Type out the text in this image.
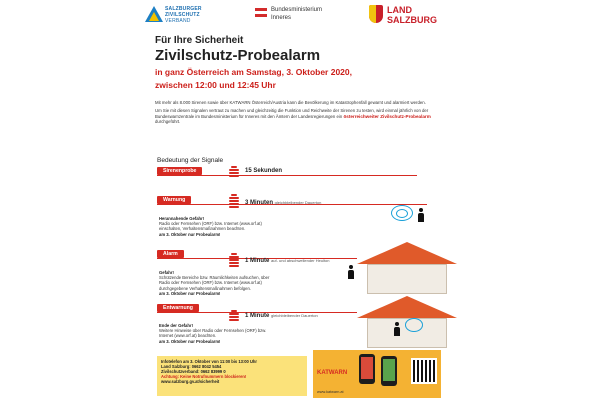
SALZBURGER
ZIVILSCHUTZ
VERBAND
Bundesministerium
Inneres
LAND
SALZBURG
Für Ihre Sicherheit
Zivilschutz-Probealarm
in ganz Österreich am Samstag, 3. Oktober 2020,
zwischen 12:00 und 12:45 Uhr

Mit mehr als 8.000 Sirenen sowie über KATWARN Österreich/Austria kann die Bevölkerung im Katastrophenfall gewarnt und alarmiert werden.

Um Sie mit diesen Signalen vertraut zu machen und gleichzeitig die Funktion und Reichweite der Sirenen zu testen, wird einmal jährlich von der Bundeswarnzentrale im Bundesministerium für Inneres mit den Ämtern der Landesregierungen ein österreichweiter Zivilschutz-Probealarm durchgeführt.

Bedeutung der Signale
Sirenenprobe	15 Sekunden
Warnung	3 Minuten gleichbleibender Dauerton
Herannahende Gefahr!
Radio oder Fernsehen (ORF) bzw. Internet (www.orf.at) einschalten, Verhaltensmaßnahmen beachten.
am 3. Oktober nur Probealarm!
Alarm
1 Minute auf- und abschwellender Heulton
Gefahr!
Schützende Bereiche bzw. Räumlichkeiten aufsuchen, über Radio oder Fernsehen (ORF) bzw. Internet (www.orf.at) durchgegebene Verhaltensmaßnahmen befolgen.
am 3. Oktober nur Probealarm!
Entwarnung
1 Minute gleichbleibender Dauerton
Ende der Gefahr!
Weitere Hinweise über Radio oder Fernsehen (ORF) bzw. Internet (www.orf.at) beachten.
am 3. Oktober nur Probealarm!
Infotelefon am 3. Oktober von 11:00 bis 13:00 Uhr
Land Salzburg: 0662 8042 5454
Zivilschutzverband: 0662 83999 0
Achtung: Keine Notrufnummern blockieren!
www.salzburg.gv.at/sicherheit
KATWARN
www.katwarn.at
